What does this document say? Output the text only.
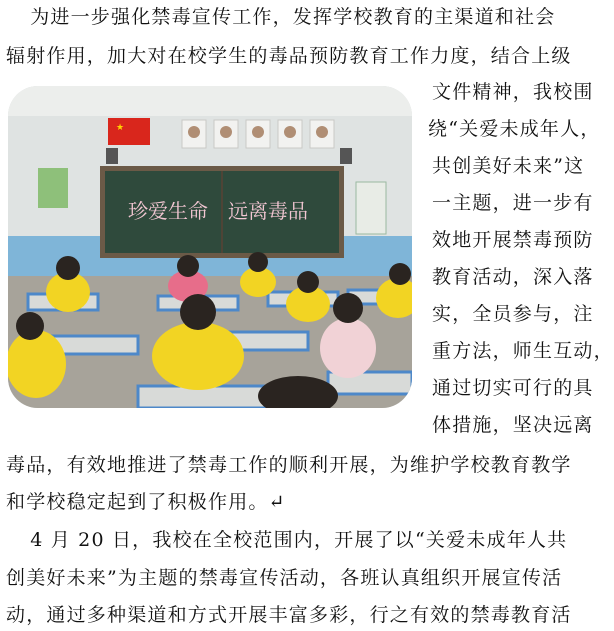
　为进一步强化禁毒宣传工作，发挥学校教育的主渠道和社会
辐射作用，加大对在校学生的毒品预防教育工作力度，结合上级
文件精神，我校围
绕“关爱未成年人，
共创美好未来”这
一主题，进一步有
效地开展禁毒预防
教育活动，深入落
实，全员参与，注
重方法，师生互动，
通过切实可行的具
体措施，坚决远离
毒品，有效地推进了禁毒工作的顺利开展，为维护学校教育教学
和学校稳定起到了积极作用。↵
　4 月 20 日，我校在全校范围内，开展了以“关爱未成年人共
创美好未来”为主题的禁毒宣传活动，各班认真组织开展宣传活
动，通过多种渠道和方式开展丰富多彩，行之有效的禁毒教育活
★
珍爱生命　远离毒品
